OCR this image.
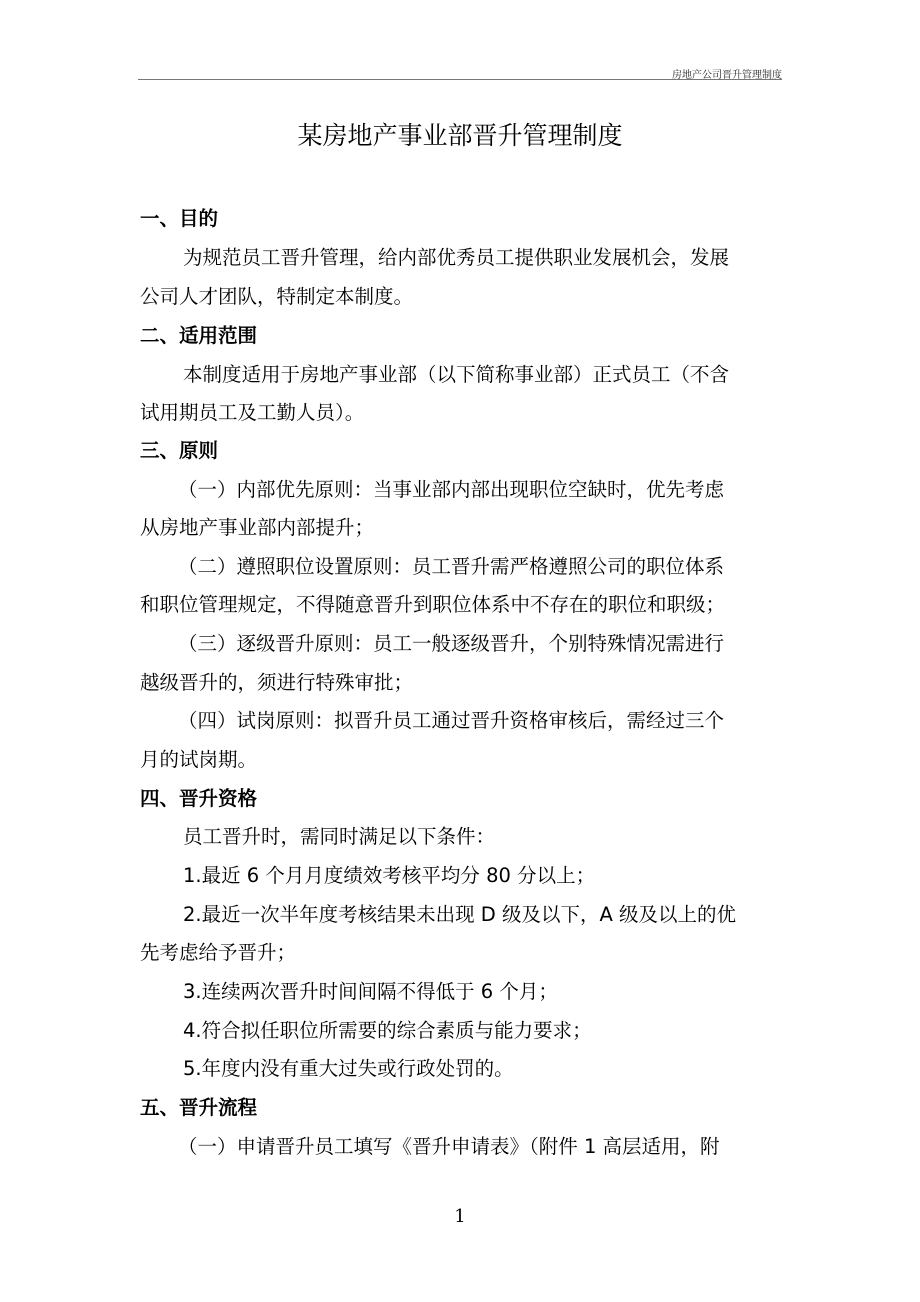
房地产公司晋升管理制度
某房地产事业部晋升管理制度
一、目的
为规范员工晋升管理，给内部优秀员工提供职业发展机会，发展
公司人才团队，特制定本制度。
二、适用范围
本制度适用于房地产事业部（以下简称事业部）正式员工（不含
试用期员工及工勤人员）。
三、原则
（一）内部优先原则：当事业部内部出现职位空缺时，优先考虑
从房地产事业部内部提升；
（二）遵照职位设置原则：员工晋升需严格遵照公司的职位体系
和职位管理规定，不得随意晋升到职位体系中不存在的职位和职级；
（三）逐级晋升原则：员工一般逐级晋升，个别特殊情况需进行
越级晋升的，须进行特殊审批；
（四）试岗原则：拟晋升员工通过晋升资格审核后，需经过三个
月的试岗期。
四、晋升资格
员工晋升时，需同时满足以下条件：
1.最近 6 个月月度绩效考核平均分 80 分以上；
2.最近一次半年度考核结果未出现 D 级及以下，A 级及以上的优
先考虑给予晋升；
3.连续两次晋升时间间隔不得低于 6 个月；
4.符合拟任职位所需要的综合素质与能力要求；
5.年度内没有重大过失或行政处罚的。
五、晋升流程
（一）申请晋升员工填写《晋升申请表》（附件 1 高层适用，附
1
